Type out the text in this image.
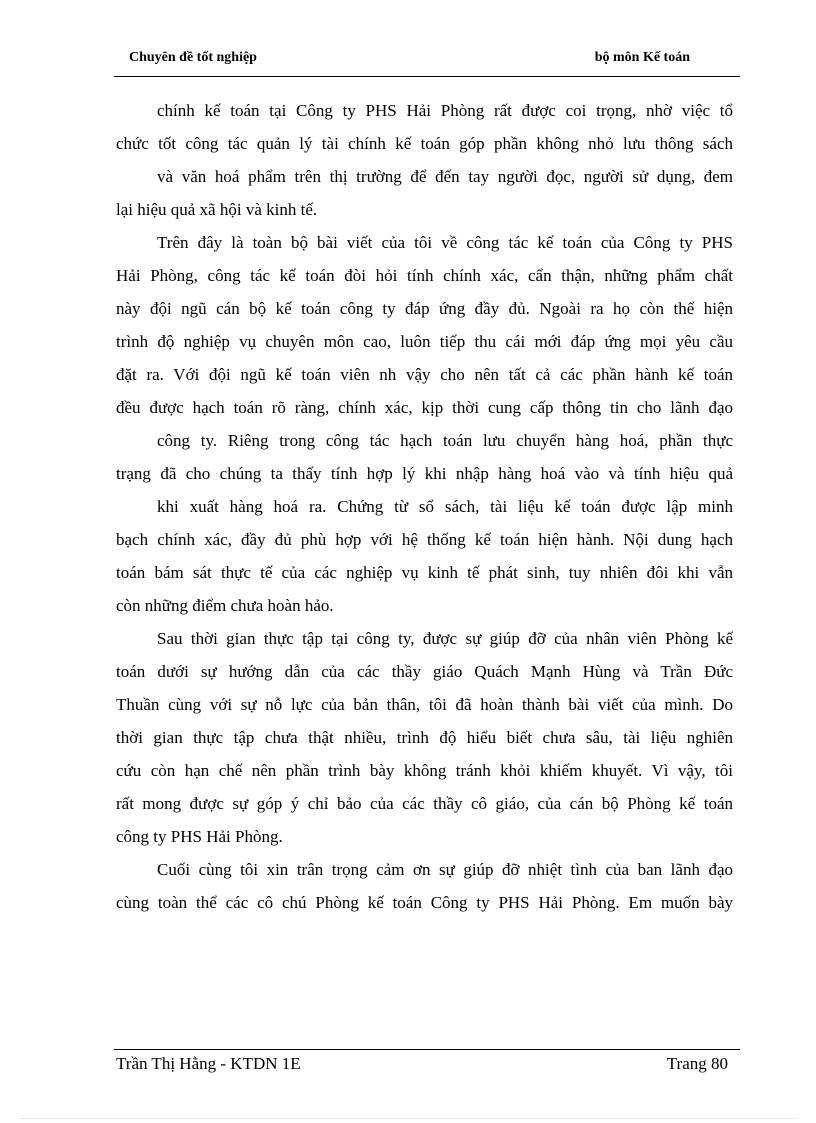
Chuyên đề tốt nghiệp	bộ môn Kế toán
chính kế toán tại Công ty PHS Hải Phòng rất được coi trọng, nhờ việc tổ
chức tốt công tác quản lý tài chính kế toán góp phần không nhỏ lưu thông sách
và văn hoá phẩm trên thị trường để đến tay người đọc, người sử dụng, đem
lại hiệu quả xã hội và kinh tế.
Trên đây là toàn bộ bài viết của tôi về công tác kế toán của Công ty PHS
Hải Phòng, công tác kế toán đòi hỏi tính chính xác, cẩn thận, những phẩm chất
này đội ngũ cán bộ kế toán công ty đáp ứng đầy đủ. Ngoài ra họ còn thể hiện
trình độ nghiệp vụ chuyên môn cao, luôn tiếp thu cái mới đáp ứng mọi yêu cầu
đặt ra. Với đội ngũ kế toán viên nh vậy cho nên tất cả các phần hành kế toán
đều được hạch toán rõ ràng, chính xác, kịp thời cung cấp thông tin cho lãnh đạo
công ty. Riêng trong công tác hạch toán lưu chuyển hàng hoá, phần thực
trạng đã cho chúng ta thấy tính hợp lý khi nhập hàng hoá vào và tính hiệu quả
khi xuất hàng hoá ra. Chứng từ sổ sách, tài liệu kế toán được lập minh
bạch chính xác, đầy đủ phù hợp với hệ thống kế toán hiện hành. Nội dung hạch
toán bám sát thực tế của các nghiệp vụ kinh tế phát sinh, tuy nhiên đôi khi vẫn
còn những điểm chưa hoàn hảo.
Sau thời gian thực tập tại công ty, được sự giúp đỡ của nhân viên Phòng kế
toán dưới sự hướng dẫn của các thầy giáo Quách Mạnh Hùng và Trần Đức
Thuần cùng với sự nỗ lực của bản thân, tôi đã hoàn thành bài viết của mình. Do
thời gian thực tập chưa thật nhiều, trình độ hiểu biết chưa sâu, tài liệu nghiên
cứu còn hạn chế nên phần trình bày không tránh khỏi khiếm khuyết. Vì vậy, tôi
rất mong được sự góp ý chỉ bảo của các thầy cô giáo, của cán bộ Phòng kế toán
công ty PHS Hải Phòng.
Cuối cùng tôi xin trân trọng cảm ơn sự giúp đỡ nhiệt tình của ban lãnh đạo
cùng toàn thể các cô chú Phòng kế toán Công ty PHS Hải Phòng. Em muốn bày
Trần Thị Hằng - KTDN 1E	Trang 80
